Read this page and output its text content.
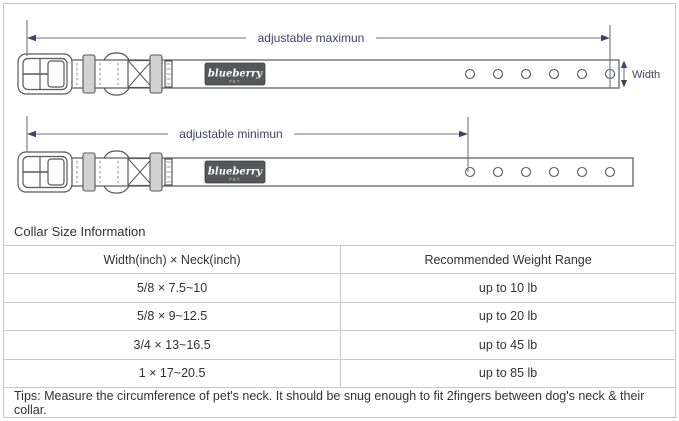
blueberry
PET
adjustable maximun
Width
blueberry
PET
adjustable minimun
Collar Size Information
Width(inch) × Neck(inch)	Recommended Weight Range
5/8 × 7.5~10	up to 10 lb
5/8 × 9~12.5	up to 20 lb
3/4 × 13~16.5	up to 45 lb
1 × 17~20.5	up to 85 lb
Tips: Measure the circumference of pet's neck. It should be snug enough to fit 2fingers between dog's neck & their collar.
